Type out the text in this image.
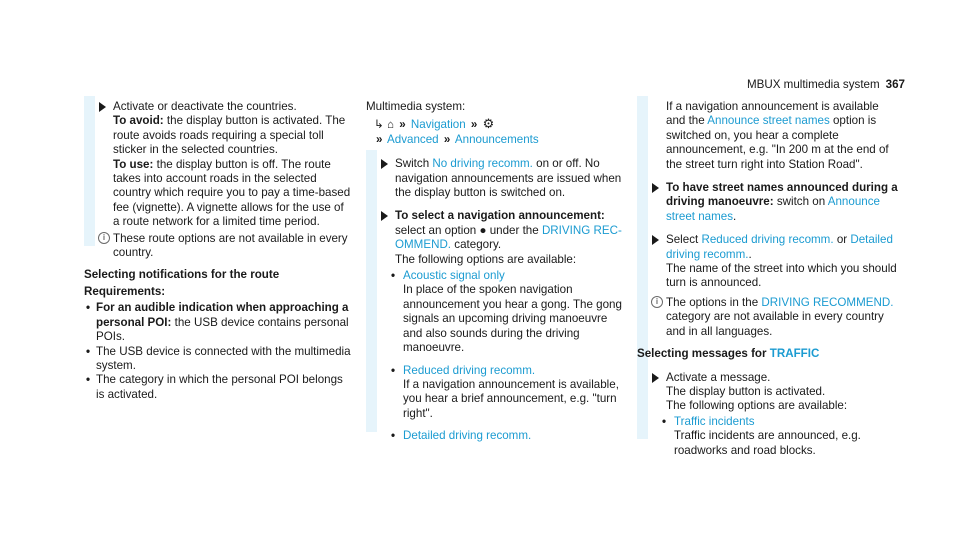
MBUX multimedia system 367

Activate or deactivate the countries.

To avoid: the display button is activated. The route avoids roads requiring a special toll sticker in the selected countries.

To use: the display button is off. The route takes into account roads in the selected country which require you to pay a time-based fee (vignette). A vignette allows for the use of a route network for a limited time period.

i These route options are not available in every country.

Selecting notifications for the route

Requirements:

• For an audible indication when approaching a personal POI: the USB device contains personal POIs.

• The USB device is connected with the multimedia system.

• The category in which the personal POI belongs is activated.

Multimedia system:

↳ ⌂ » Navigation » ⚙

» Advanced » Announcements

Switch No driving recomm. on or off. No navigation announcements are issued when the display button is switched on.

To select a navigation announcement:

select an option ● under the DRIVING REC-OMMEND. category.

The following options are available:

• Acoustic signal only

In place of the spoken navigation announcement you hear a gong. The gong signals an upcoming driving manoeuvre and also sounds during the driving manoeuvre.

• Reduced driving recomm.

If a navigation announcement is available, you hear a brief announcement, e.g. "turn right".

• Detailed driving recomm.

If a navigation announcement is available and the Announce street names option is switched on, you hear a complete announcement, e.g. "In 200 m at the end of the street turn right into Station Road".

To have street names announced during a driving manoeuvre: switch on Announce street names.

Select Reduced driving recomm. or Detailed driving recomm..

The name of the street into which you should turn is announced.

i The options in the DRIVING RECOMMEND. category are not available in every country and in all languages.

Selecting messages for TRAFFIC

Activate a message.

The display button is activated.

The following options are available:

• Traffic incidents

Traffic incidents are announced, e.g. roadworks and road blocks.
